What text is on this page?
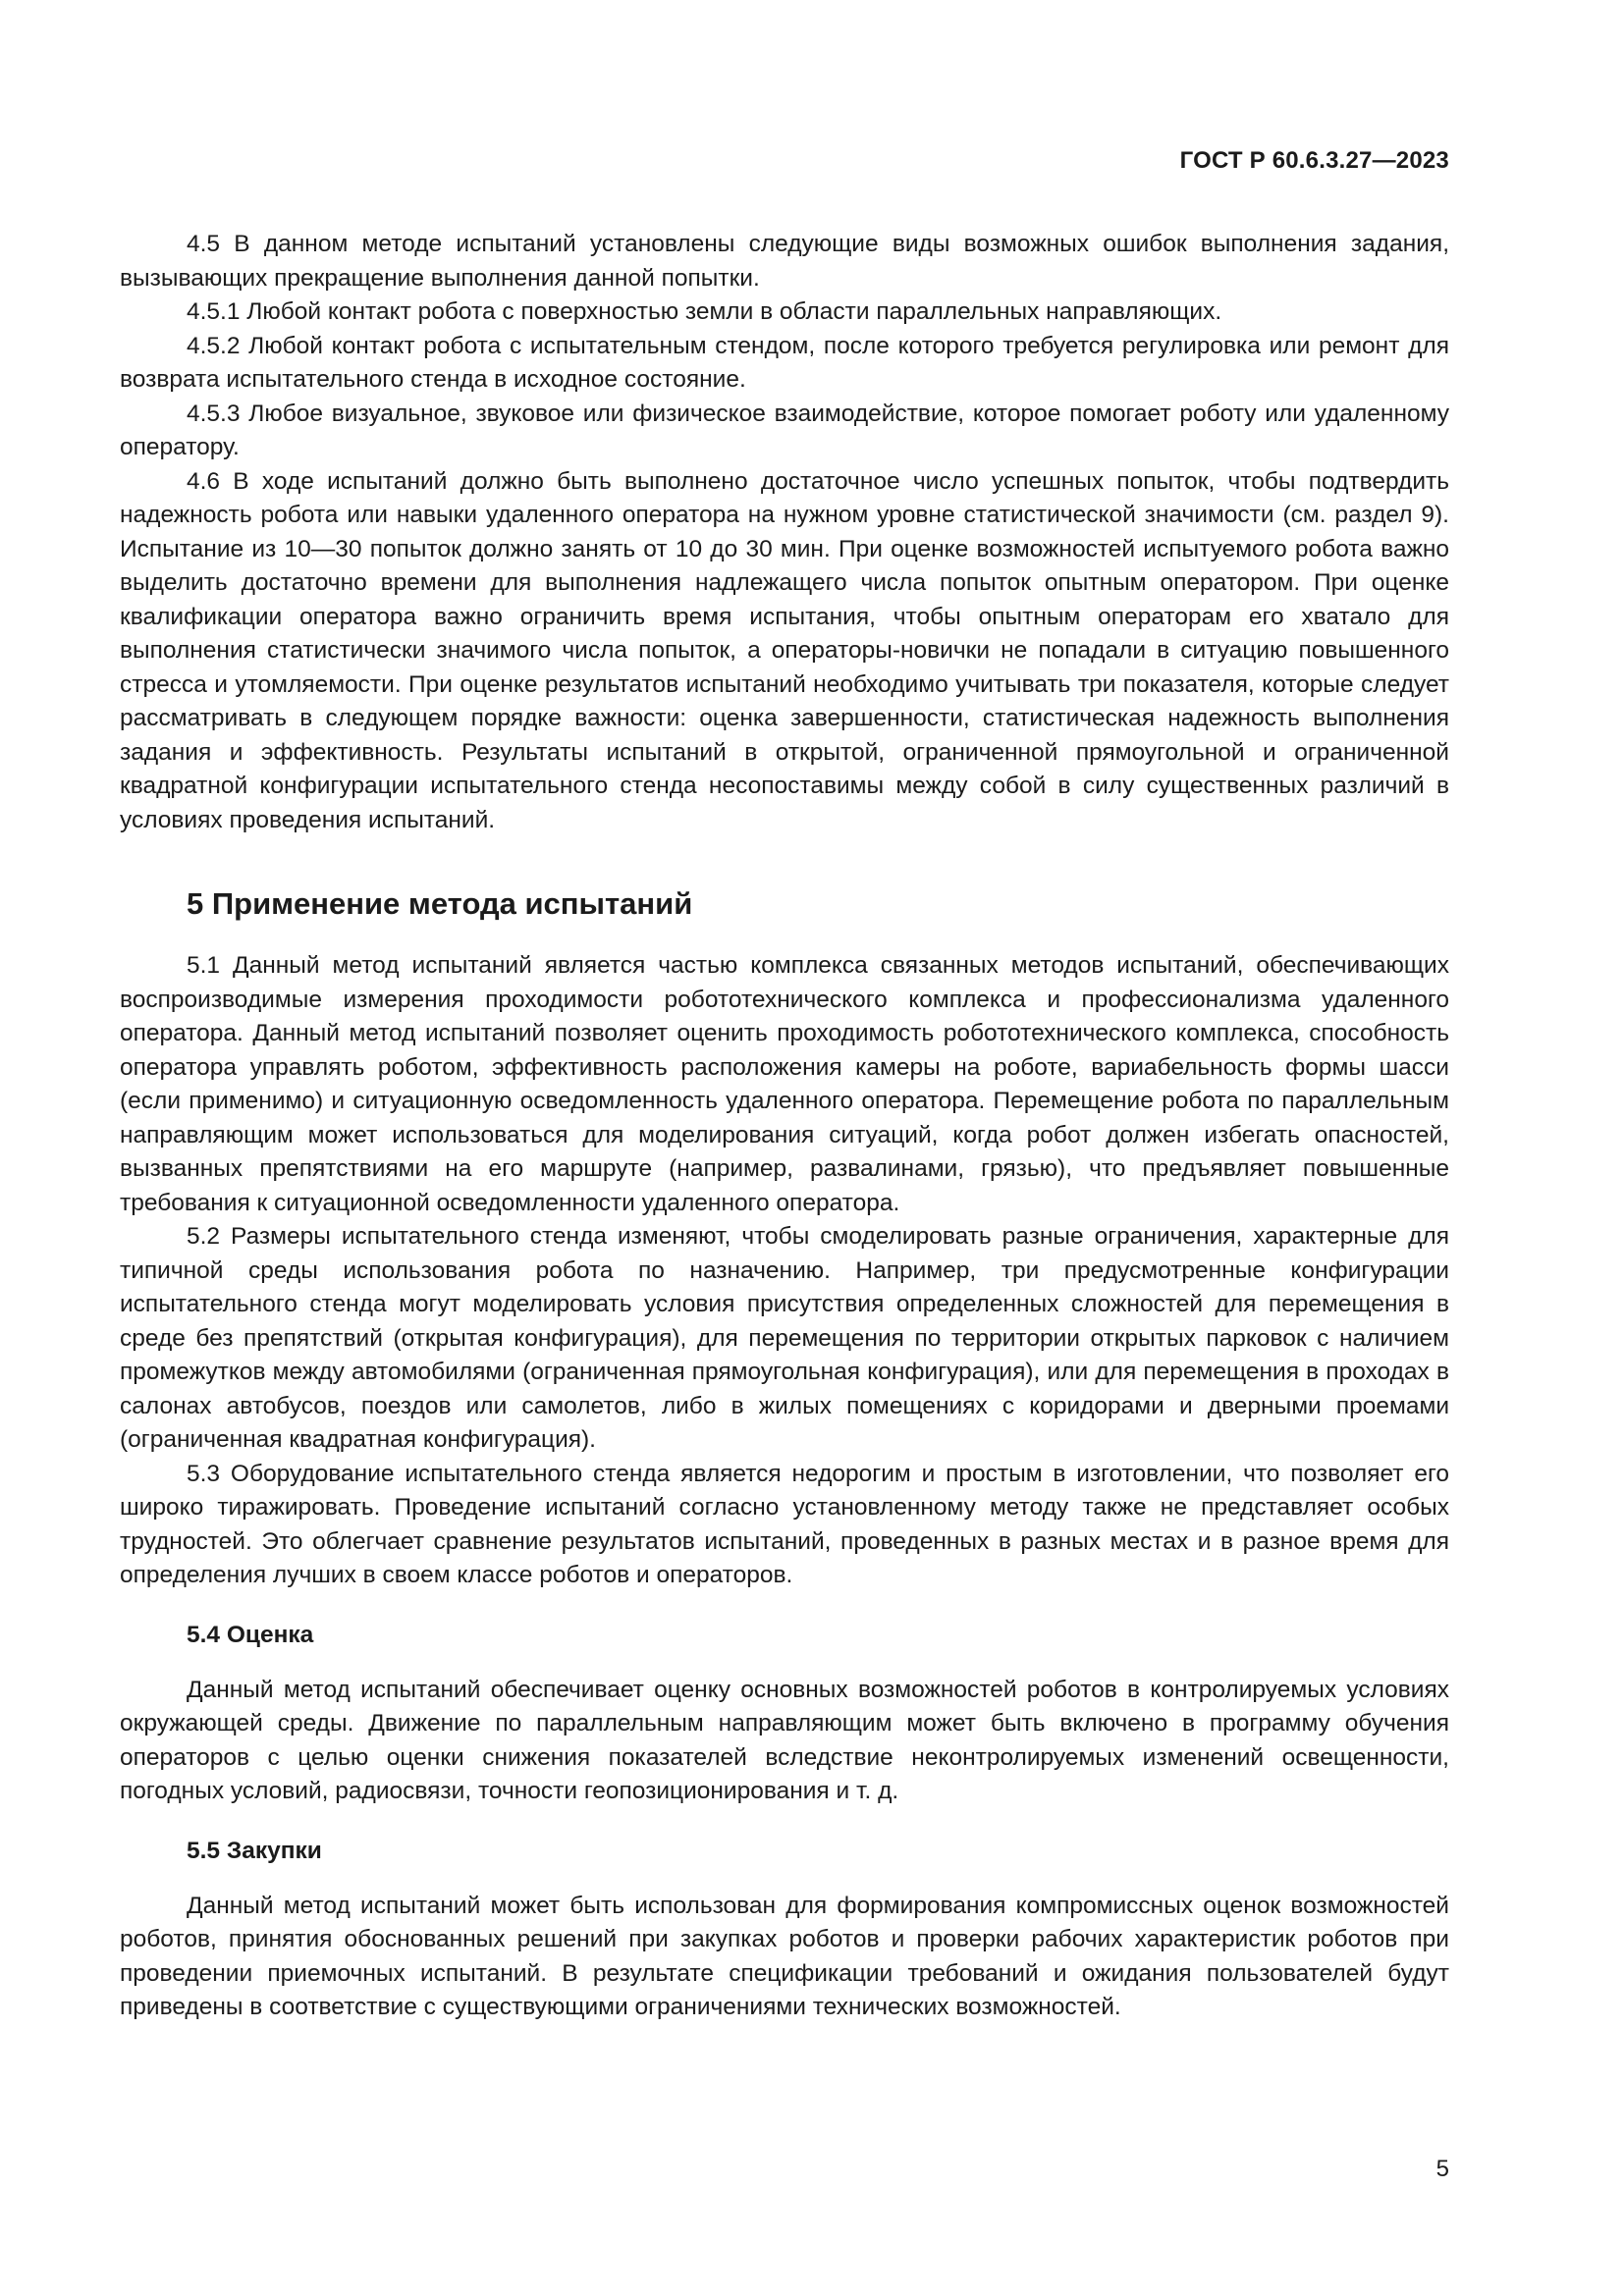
ГОСТ Р 60.6.3.27—2023

4.5 В данном методе испытаний установлены следующие виды возможных ошибок выполнения задания, вызывающих прекращение выполнения данной попытки.

4.5.1 Любой контакт робота с поверхностью земли в области параллельных направляющих.

4.5.2 Любой контакт робота с испытательным стендом, после которого требуется регулировка или ремонт для возврата испытательного стенда в исходное состояние.

4.5.3 Любое визуальное, звуковое или физическое взаимодействие, которое помогает роботу или удаленному оператору.

4.6 В ходе испытаний должно быть выполнено достаточное число успешных попыток, чтобы подтвердить надежность робота или навыки удаленного оператора на нужном уровне статистической значимости (см. раздел 9). Испытание из 10—30 попыток должно занять от 10 до 30 мин. При оценке возможностей испытуемого робота важно выделить достаточно времени для выполнения надлежащего числа попыток опытным оператором. При оценке квалификации оператора важно ограничить время испытания, чтобы опытным операторам его хватало для выполнения статистически значимого числа попыток, а операторы-новички не попадали в ситуацию повышенного стресса и утомляемости. При оценке результатов испытаний необходимо учитывать три показателя, которые следует рассматривать в следующем порядке важности: оценка завершенности, статистическая надежность выполнения задания и эффективность. Результаты испытаний в открытой, ограниченной прямоугольной и ограниченной квадратной конфигурации испытательного стенда несопоставимы между собой в силу существенных различий в условиях проведения испытаний.

5 Применение метода испытаний

5.1 Данный метод испытаний является частью комплекса связанных методов испытаний, обеспечивающих воспроизводимые измерения проходимости робототехнического комплекса и профессионализма удаленного оператора. Данный метод испытаний позволяет оценить проходимость робототехнического комплекса, способность оператора управлять роботом, эффективность расположения камеры на роботе, вариабельность формы шасси (если применимо) и ситуационную осведомленность удаленного оператора. Перемещение робота по параллельным направляющим может использоваться для моделирования ситуаций, когда робот должен избегать опасностей, вызванных препятствиями на его маршруте (например, развалинами, грязью), что предъявляет повышенные требования к ситуационной осведомленности удаленного оператора.

5.2 Размеры испытательного стенда изменяют, чтобы смоделировать разные ограничения, характерные для типичной среды использования робота по назначению. Например, три предусмотренные конфигурации испытательного стенда могут моделировать условия присутствия определенных сложностей для перемещения в среде без препятствий (открытая конфигурация), для перемещения по территории открытых парковок с наличием промежутков между автомобилями (ограниченная прямоугольная конфигурация), или для перемещения в проходах в салонах автобусов, поездов или самолетов, либо в жилых помещениях с коридорами и дверными проемами (ограниченная квадратная конфигурация).

5.3 Оборудование испытательного стенда является недорогим и простым в изготовлении, что позволяет его широко тиражировать. Проведение испытаний согласно установленному методу также не представляет особых трудностей. Это облегчает сравнение результатов испытаний, проведенных в разных местах и в разное время для определения лучших в своем классе роботов и операторов.

5.4 Оценка

Данный метод испытаний обеспечивает оценку основных возможностей роботов в контролируемых условиях окружающей среды. Движение по параллельным направляющим может быть включено в программу обучения операторов с целью оценки снижения показателей вследствие неконтролируемых изменений освещенности, погодных условий, радиосвязи, точности геопозиционирования и т. д.

5.5 Закупки

Данный метод испытаний может быть использован для формирования компромиссных оценок возможностей роботов, принятия обоснованных решений при закупках роботов и проверки рабочих характеристик роботов при проведении приемочных испытаний. В результате спецификации требований и ожидания пользователей будут приведены в соответствие с существующими ограничениями технических возможностей.

5
